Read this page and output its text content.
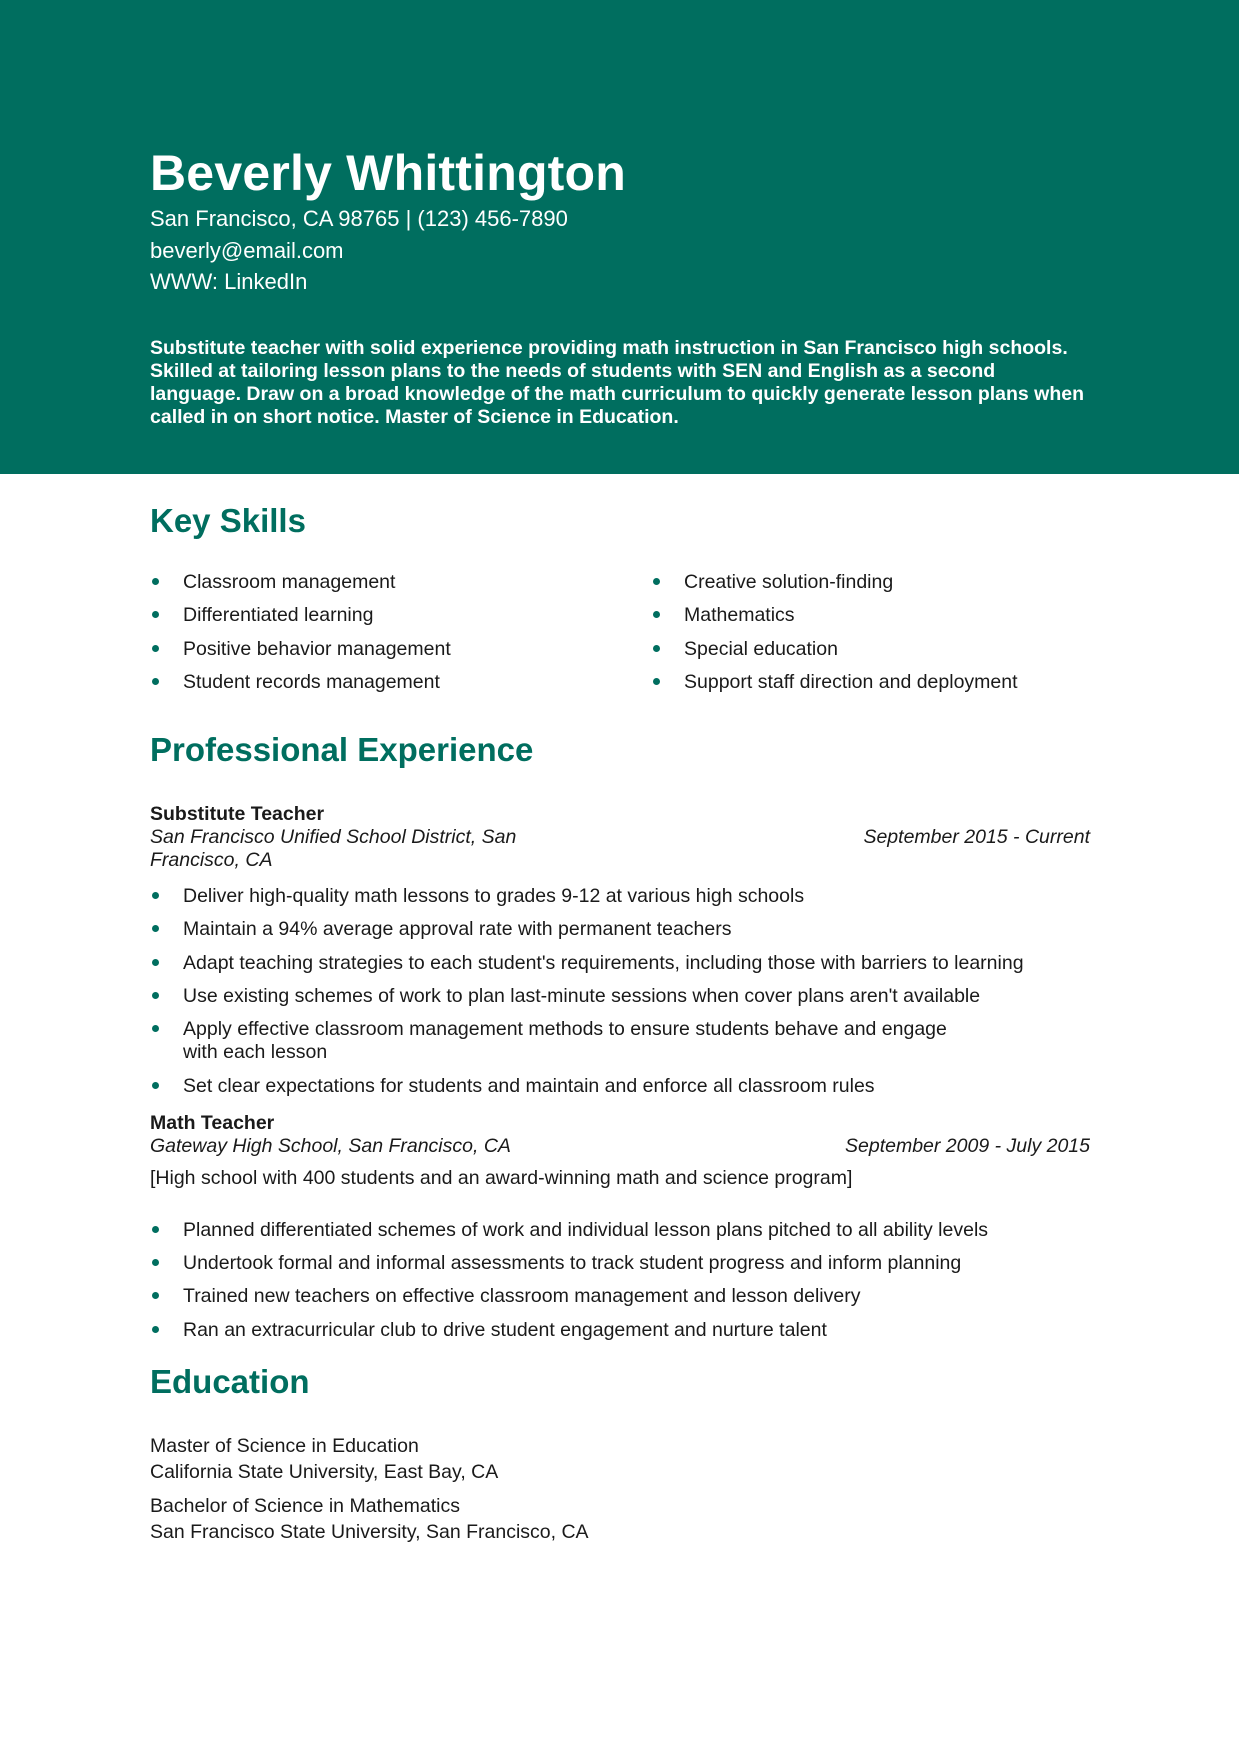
Beverly Whittington

San Francisco, CA 98765 | (123) 456-7890

beverly@email.com

WWW: LinkedIn

Substitute teacher with solid experience providing math instruction in San Francisco high schools. Skilled at tailoring lesson plans to the needs of students with SEN and English as a second language. Draw on a broad knowledge of the math curriculum to quickly generate lesson plans when called in on short notice. Master of Science in Education.
Key Skills
Classroom management
Differentiated learning
Positive behavior management
Student records management
Creative solution-finding
Mathematics
Special education
Support staff direction and deployment
Professional Experience

Substitute Teacher

San Francisco Unified School District, San Francisco, CA
September 2015 - Current
Deliver high-quality math lessons to grades 9-12 at various high schools
Maintain a 94% average approval rate with permanent teachers
Adapt teaching strategies to each student's requirements, including those with barriers to learning
Use existing schemes of work to plan last-minute sessions when cover plans aren't available
Apply effective classroom management methods to ensure students behave and engage with each lesson
Set clear expectations for students and maintain and enforce all classroom rules

Math Teacher

Gateway High School, San Francisco, CA	September 2009 - July 2015
[High school with 400 students and an award-winning math and science program]
Planned differentiated schemes of work and individual lesson plans pitched to all ability levels
Undertook formal and informal assessments to track student progress and inform planning
Trained new teachers on effective classroom management and lesson delivery
Ran an extracurricular club to drive student engagement and nurture talent
Education
Master of Science in Education
California State University, East Bay, CA
Bachelor of Science in Mathematics
San Francisco State University, San Francisco, CA
